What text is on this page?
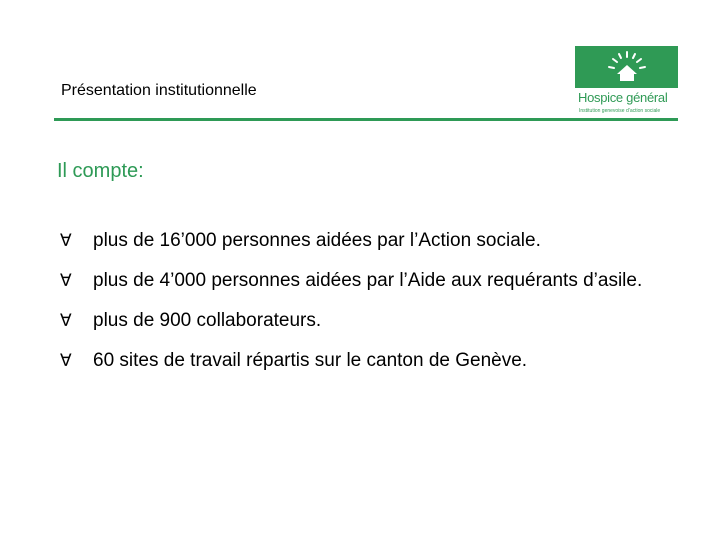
Présentation institutionnelle	Hospice général
Institution genevoise d’action sociale
Il compte:
∀ plus de 16’000 personnes aidées par l’Action sociale.
∀ plus de 4’000 personnes aidées par l’Aide aux requérants d’asile.
∀ plus de 900 collaborateurs.
∀ 60 sites de travail répartis sur le canton de Genève.
